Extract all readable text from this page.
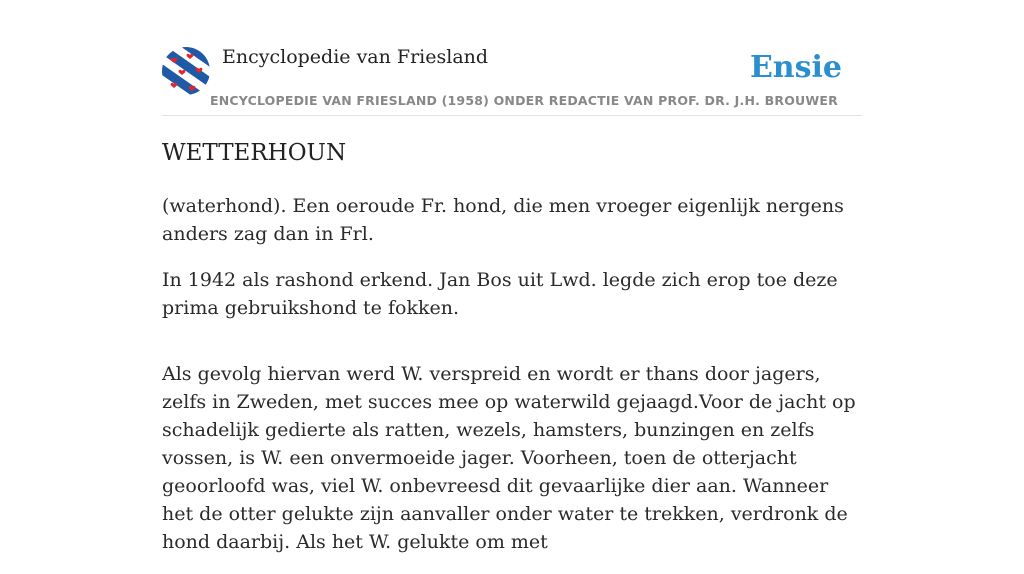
Encyclopedie van Friesland
ENCYCLOPEDIE VAN FRIESLAND (1958) ONDER REDACTIE VAN PROF. DR. J.H. BROUWER
Ensie
WETTERHOUN

(waterhond). Een oeroude Fr. hond, die men vroeger eigenlijk nergens anders zag dan in Frl.

In 1942 als rashond erkend. Jan Bos uit Lwd. legde zich erop toe deze prima gebruikshond te fokken.

Als gevolg hiervan werd W. verspreid en wordt er thans door jagers, zelfs in Zweden, met succes mee op waterwild gejaagd.Voor de jacht op schadelijk gedierte als ratten, wezels, hamsters, bunzingen en zelfs vossen, is W. een onvermoeide jager. Voorheen, toen de otterjacht geoorloofd was, viel W. onbevreesd dit gevaarlijke dier aan. Wanneer het de otter gelukte zijn aanvaller onder water te trekken, verdronk de hond daarbij. Als het W. gelukte om met
